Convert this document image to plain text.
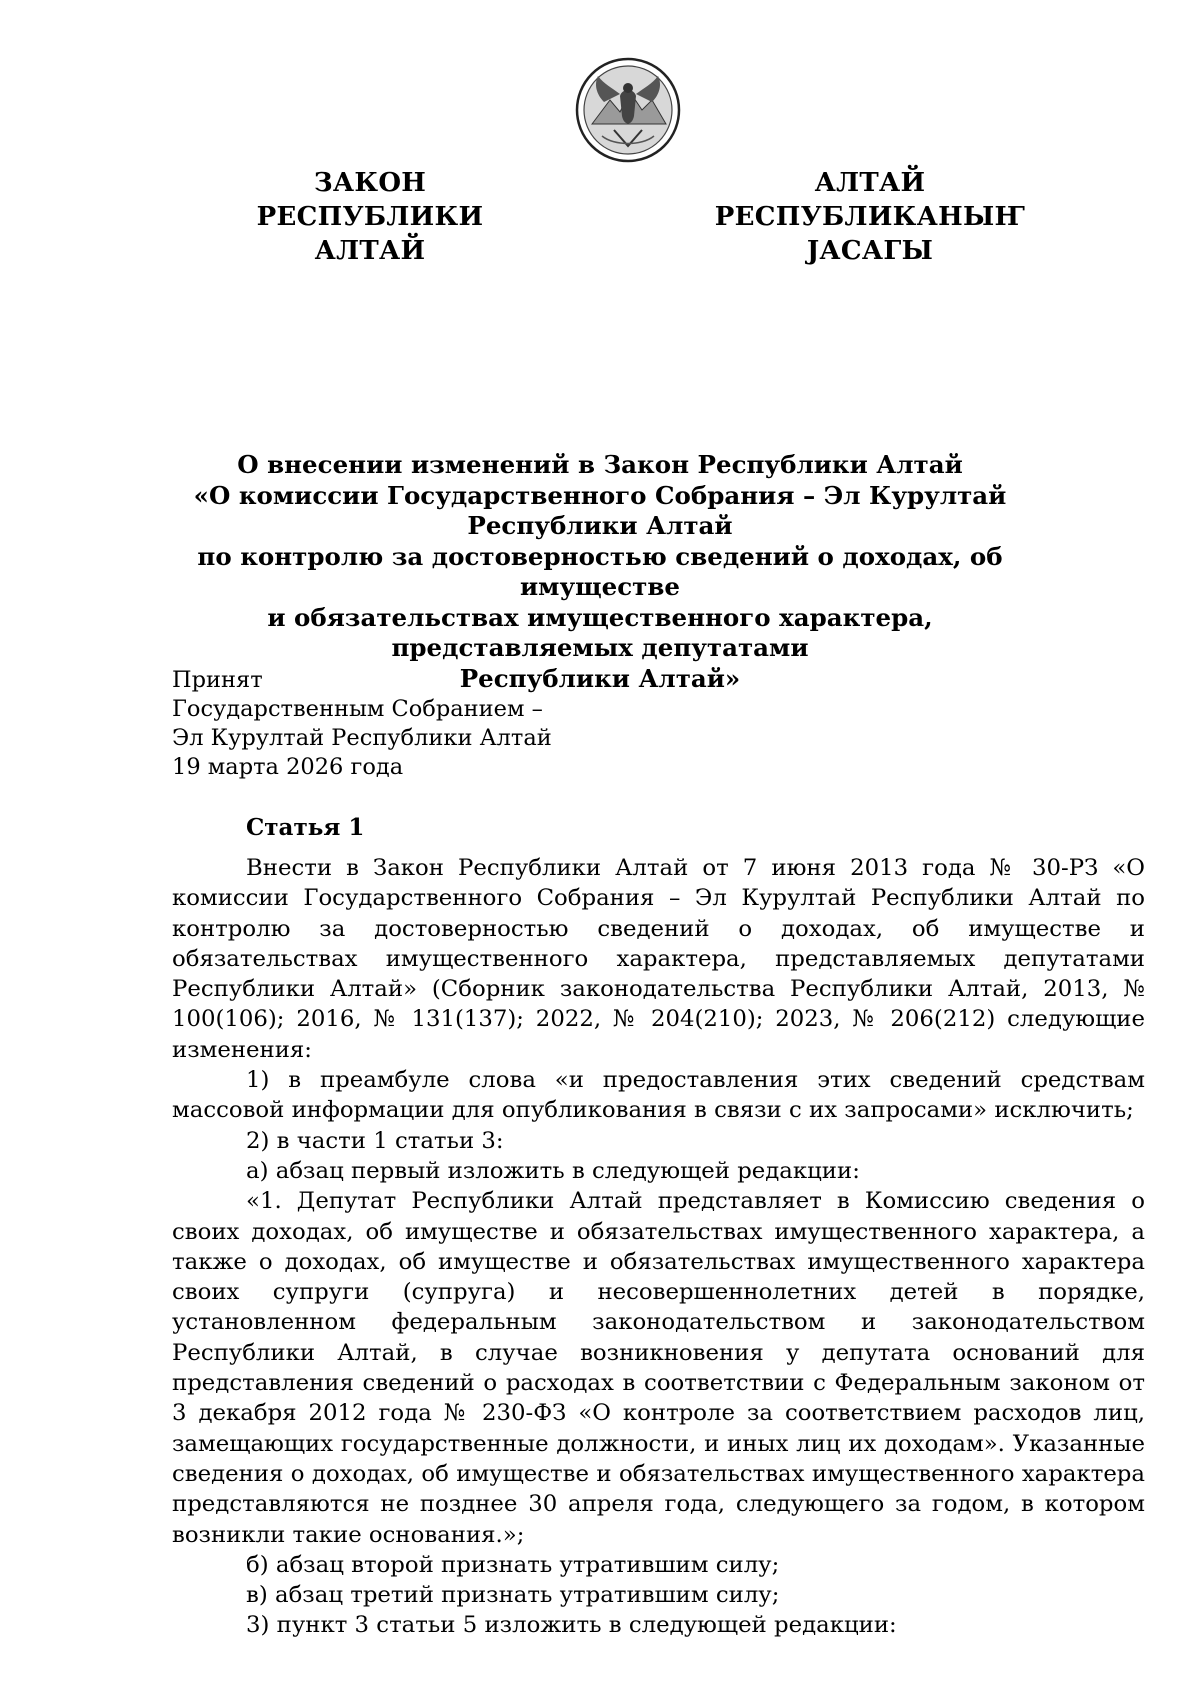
ЗАКОН
РЕСПУБЛИКИ АЛТАЙ
АЛТАЙ РЕСПУБЛИКАНЫҤ
ЈАСАГЫ
О внесении изменений в Закон Республики Алтай
«О комиссии Государственного Собрания – Эл Курултай Республики Алтай
по контролю за достоверностью сведений о доходах, об имуществе
и обязательствах имущественного характера, представляемых депутатами
Республики Алтай»
Принят
Государственным Собранием –
Эл Курултай Республики Алтай
19 марта 2026 года
Статья 1

Внести в Закон Республики Алтай от 7 июня 2013 года № 30-РЗ «О комиссии Государственного Собрания – Эл Курултай Республики Алтай по контролю за достоверностью сведений о доходах, об имуществе и обязательствах имущественного характера, представляемых депутатами Республики Алтай» (Сборник законодательства Республики Алтай, 2013, № 100(106); 2016, № 131(137); 2022, № 204(210); 2023, № 206(212) следующие изменения:

1) в преамбуле слова «и предоставления этих сведений средствам массовой информации для опубликования в связи с их запросами» исключить;

2) в части 1 статьи 3:

а) абзац первый изложить в следующей редакции:

«1. Депутат Республики Алтай представляет в Комиссию сведения о своих доходах, об имуществе и обязательствах имущественного характера, а также о доходах, об имуществе и обязательствах имущественного характера своих супруги (супруга) и несовершеннолетних детей в порядке, установленном федеральным законодательством и законодательством Республики Алтай, в случае возникновения у депутата оснований для представления сведений о расходах в соответствии с Федеральным законом от 3 декабря 2012 года № 230-ФЗ «О контроле за соответствием расходов лиц, замещающих государственные должности, и иных лиц их доходам». Указанные сведения о доходах, об имуществе и обязательствах имущественного характера представляются не позднее 30 апреля года, следующего за годом, в котором возникли такие основания.»;

б) абзац второй признать утратившим силу;

в) абзац третий признать утратившим силу;

3) пункт 3 статьи 5 изложить в следующей редакции:
